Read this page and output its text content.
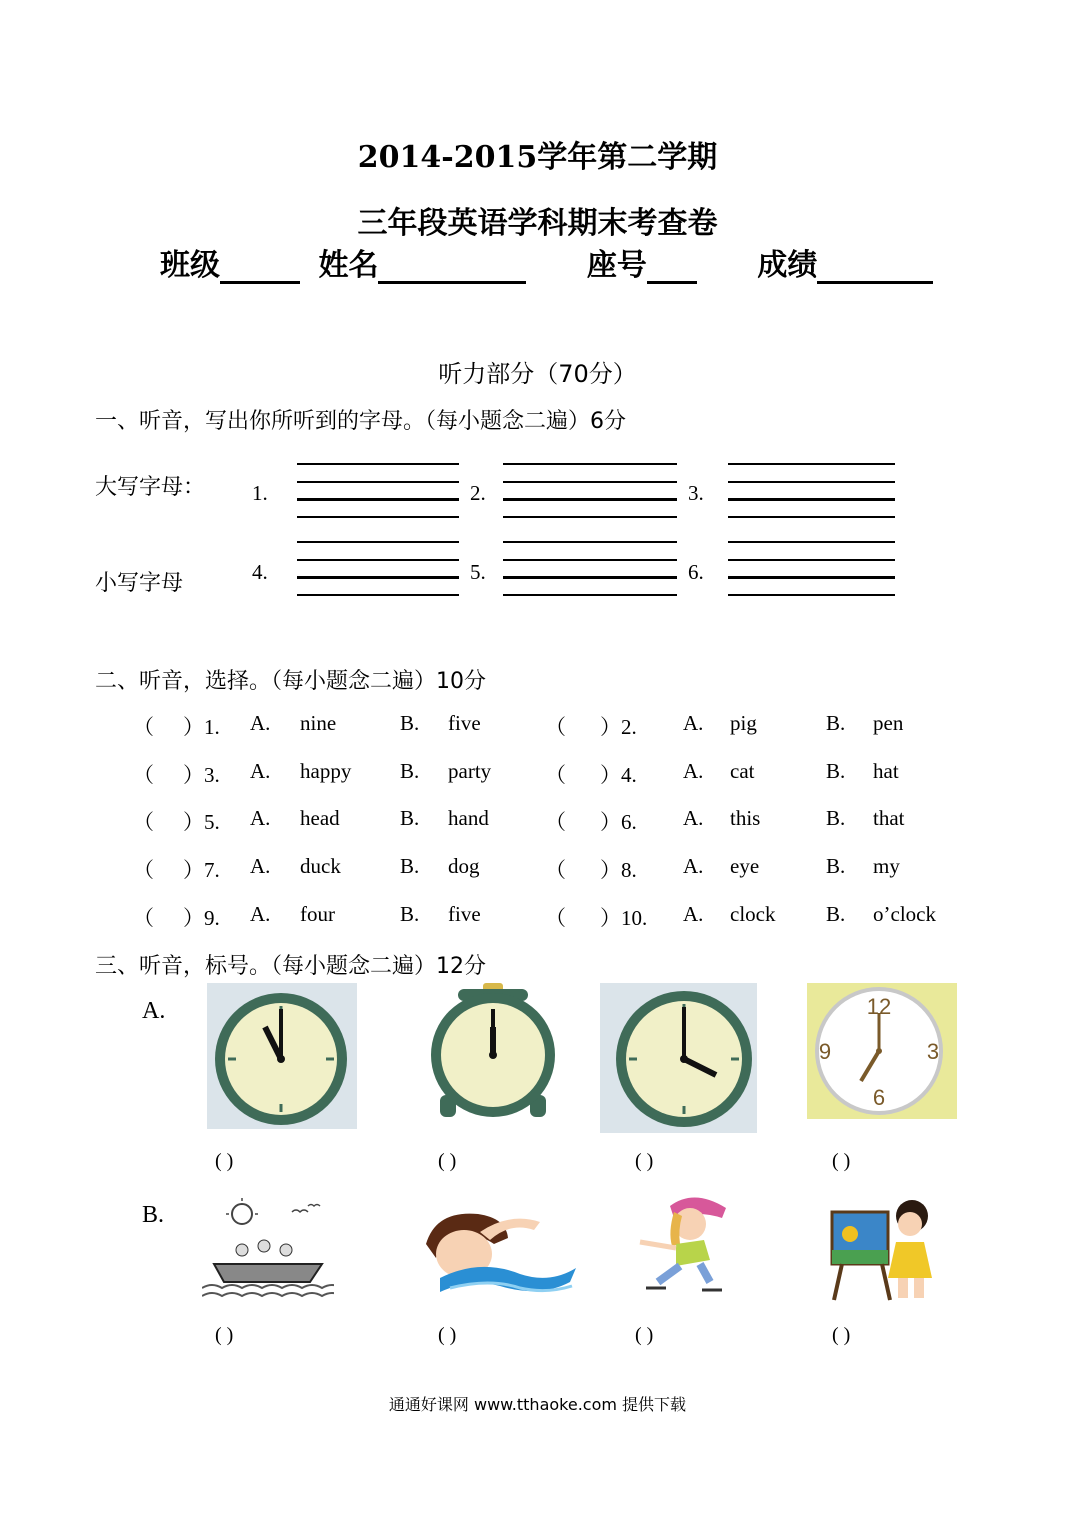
2014-2015学年第二学期
三年段英语学科期末考查卷
班级	姓名	座号	成绩
听力部分（70分）
一、听音，写出你所听到的字母。（每小题念二遍）6分
大写字母：
小写字母
1.	2.	3.
4.	5.	6.
二、听音，选择。（每小题念二遍）10分
（ ）1. A. nine	B. five	（ ）2. A. pig	B. pen
（ ）3. A. happy B. party	（ ）4. A. cat	B. hat
（ ）5. A. head	B. hand	（ ）6. A. this	B. that
（ ）7. A. duck	B. dog	（ ）8. A. eye	B. my
（ ）9. A. four	B. five	（ ）10. A. clock B. o’clock
三、听音，标号。（每小题念二遍）12分
A.
B.
12
3
6
9
( )	( )	( )	( )
( )	( )	( )	( )
通通好课网 www.tthaoke.com 提供下载
